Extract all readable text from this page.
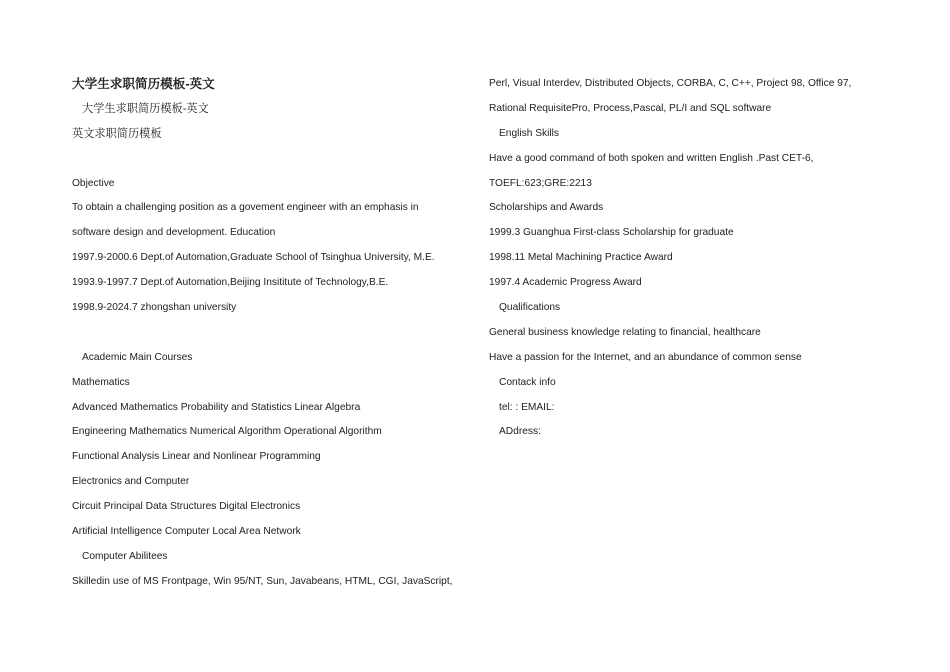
大学生求职简历模板-英文
大学生求职简历模板-英文
英文求职简历模板
Objective
To obtain a challenging position as a govement engineer with an emphasis in
software design and development. Education
1997.9-2000.6 Dept.of Automation,Graduate School of Tsinghua University, M.E.
1993.9-1997.7 Dept.of Automation,Beijing Insititute of Technology,B.E.
1998.9-2024.7 zhongshan university
Academic Main Courses
Mathematics
Advanced Mathematics Probability and Statistics Linear Algebra
Engineering Mathematics Numerical Algorithm Operational Algorithm
Functional Analysis Linear and Nonlinear Programming
Electronics and Computer
Circuit Principal Data Structures Digital Electronics
Artificial Intelligence Computer Local Area Network
Computer Abilitees
Skilledin use of MS Frontpage, Win 95/NT, Sun, Javabeans, HTML, CGI, JavaScript,
Perl, Visual Interdev, Distributed Objects, CORBA, C, C++, Project 98, Office 97,
Rational RequisitePro, Process,Pascal, PL/I and SQL software
English Skills
Have a good command of both spoken and written English .Past CET-6,
TOEFL:623;GRE:2213
Scholarships and Awards
1999.3 Guanghua First-class Scholarship for graduate
1998.11 Metal Machining Practice Award
1997.4 Academic Progress Award
Qualifications
General business knowledge relating to financial, healthcare
Have a passion for the Internet, and an abundance of common sense
Contack info
tel: : EMAIL:
ADdress:
